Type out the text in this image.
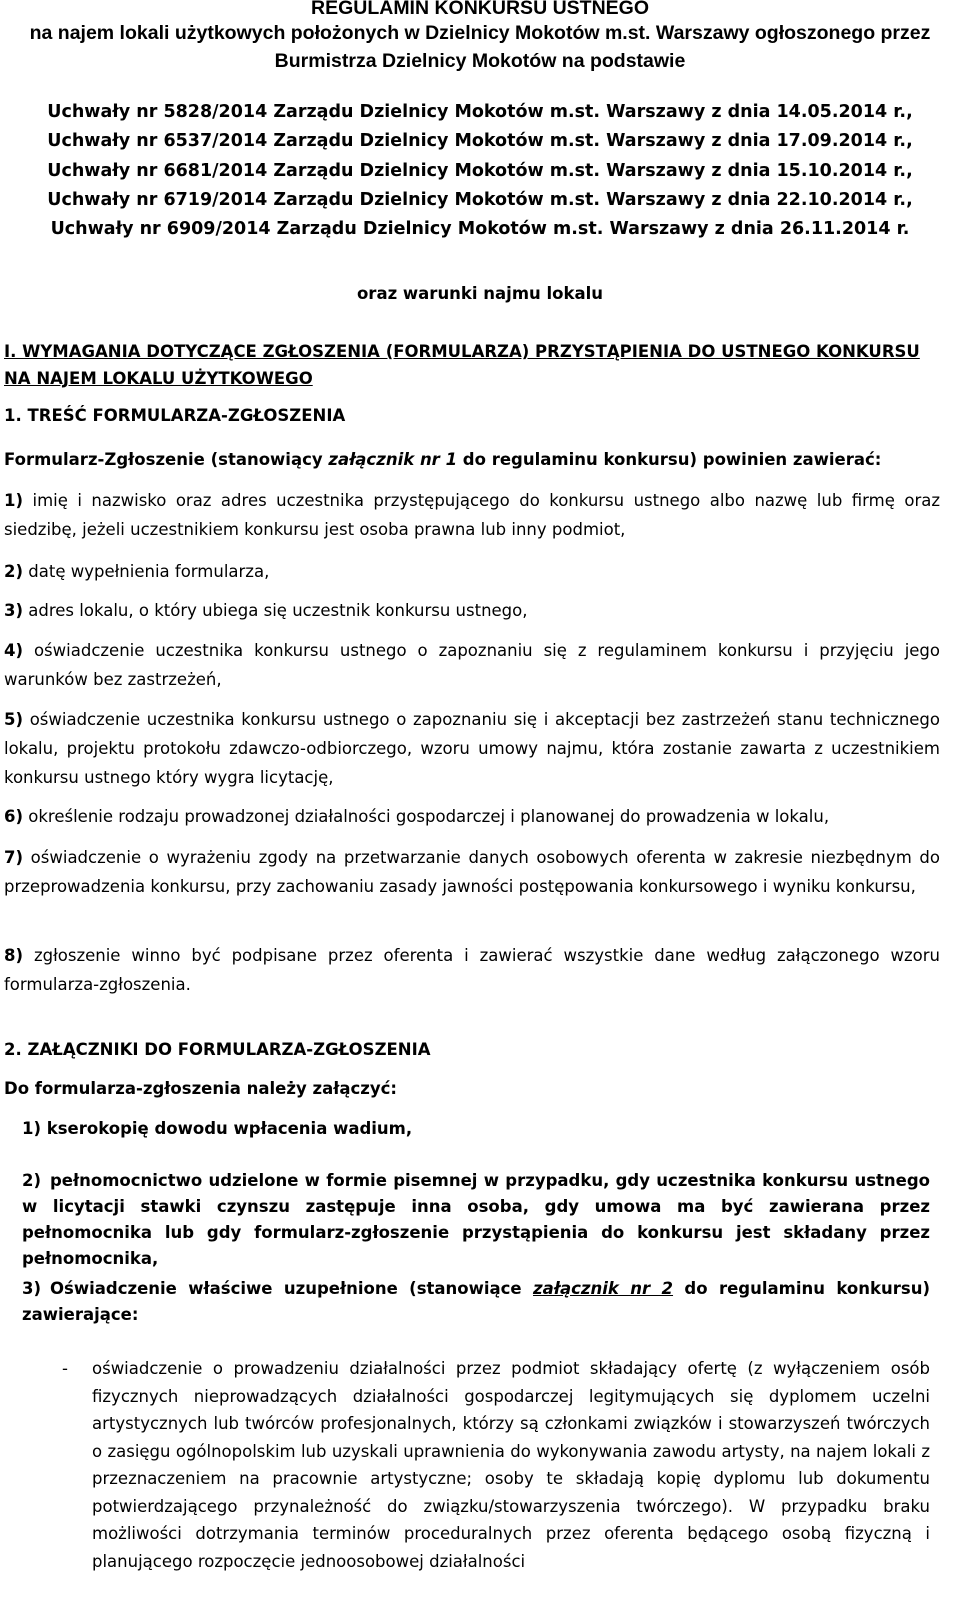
REGULAMIN KONKURSU USTNEGO
na najem lokali użytkowych położonych w Dzielnicy Mokotów m.st. Warszawy ogłoszonego przez
Burmistrza Dzielnicy Mokotów na podstawie
Uchwały nr 5828/2014 Zarządu Dzielnicy Mokotów m.st. Warszawy z dnia 14.05.2014 r.,
Uchwały nr 6537/2014 Zarządu Dzielnicy Mokotów m.st. Warszawy z dnia 17.09.2014 r.,
Uchwały nr 6681/2014 Zarządu Dzielnicy Mokotów m.st. Warszawy z dnia 15.10.2014 r.,
Uchwały nr 6719/2014 Zarządu Dzielnicy Mokotów m.st. Warszawy z dnia 22.10.2014 r.,
Uchwały nr 6909/2014 Zarządu Dzielnicy Mokotów m.st. Warszawy z dnia 26.11.2014 r.
oraz warunki najmu lokalu
I. WYMAGANIA DOTYCZĄCE ZGŁOSZENIA (FORMULARZA) PRZYSTĄPIENIA DO USTNEGO KONKURSU NA NAJEM LOKALU UŻYTKOWEGO
1. TREŚĆ FORMULARZA-ZGŁOSZENIA
Formularz-Zgłoszenie (stanowiący załącznik nr 1 do regulaminu konkursu) powinien zawierać:
1) imię i nazwisko oraz adres uczestnika przystępującego do konkursu ustnego albo nazwę lub firmę oraz siedzibę, jeżeli uczestnikiem konkursu jest osoba prawna lub inny podmiot,
2) datę wypełnienia formularza,
3) adres lokalu, o który ubiega się uczestnik konkursu ustnego,
4) oświadczenie uczestnika konkursu ustnego o zapoznaniu się z regulaminem konkursu i przyjęciu jego warunków bez zastrzeżeń,
5) oświadczenie uczestnika konkursu ustnego o zapoznaniu się i akceptacji bez zastrzeżeń stanu technicznego lokalu, projektu protokołu zdawczo-odbiorczego, wzoru umowy najmu, która zostanie zawarta z uczestnikiem konkursu ustnego który wygra licytację,
6) określenie rodzaju prowadzonej działalności gospodarczej i planowanej do prowadzenia w lokalu,
7) oświadczenie o wyrażeniu zgody na przetwarzanie danych osobowych oferenta w zakresie niezbędnym do przeprowadzenia konkursu, przy zachowaniu zasady jawności postępowania konkursowego i wyniku konkursu,
8) zgłoszenie winno być podpisane przez oferenta i zawierać wszystkie dane według załączonego wzoru formularza-zgłoszenia.
2. ZAŁĄCZNIKI DO FORMULARZA-ZGŁOSZENIA
Do formularza-zgłoszenia należy załączyć:
1) kserokopię dowodu wpłacenia wadium,
2) pełnomocnictwo udzielone w formie pisemnej w przypadku, gdy uczestnika konkursu ustnego w licytacji stawki czynszu zastępuje inna osoba, gdy umowa ma być zawierana przez pełnomocnika lub gdy formularz-zgłoszenie przystąpienia do konkursu jest składany przez pełnomocnika,
3) Oświadczenie właściwe uzupełnione (stanowiące załącznik nr 2 do regulaminu konkursu) zawierające:
- oświadczenie o prowadzeniu działalności przez podmiot składający ofertę (z wyłączeniem osób fizycznych nieprowadzących działalności gospodarczej legitymujących się dyplomem uczelni artystycznych lub twórców profesjonalnych, którzy są członkami związków i stowarzyszeń twórczych o zasięgu ogólnopolskim lub uzyskali uprawnienia do wykonywania zawodu artysty, na najem lokali z przeznaczeniem na pracownie artystyczne; osoby te składają kopię dyplomu lub dokumentu potwierdzającego przynależność do związku/stowarzyszenia twórczego). W przypadku braku możliwości dotrzymania terminów proceduralnych przez oferenta będącego osobą fizyczną i planującego rozpoczęcie jednoosobowej działalności
